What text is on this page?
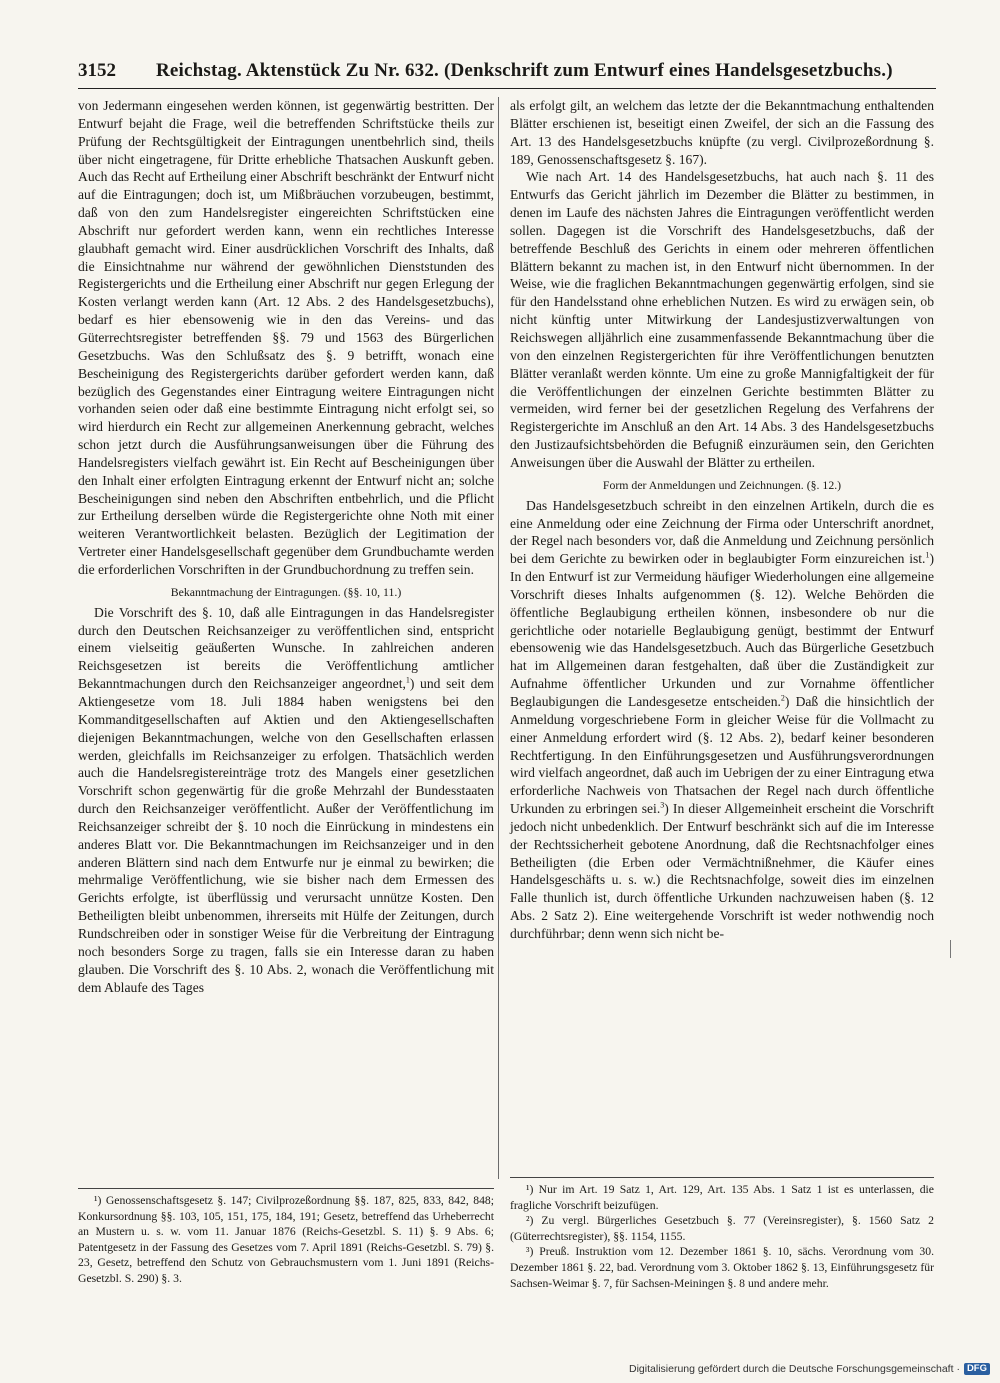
3152 Reichstag. Aktenstück Zu Nr. 632. (Denkschrift zum Entwurf eines Handelsgesetzbuchs.)

von Jedermann eingesehen werden können, ist gegenwärtig bestritten. Der Entwurf bejaht die Frage, weil die betreffenden Schriftstücke theils zur Prüfung der Rechtsgültigkeit der Eintragungen unentbehrlich sind, theils über nicht eingetragene, für Dritte erhebliche Thatsachen Auskunft geben. Auch das Recht auf Ertheilung einer Abschrift beschränkt der Entwurf nicht auf die Eintragungen; doch ist, um Mißbräuchen vorzubeugen, bestimmt, daß von den zum Handelsregister eingereichten Schriftstücken eine Abschrift nur gefordert werden kann, wenn ein rechtliches Interesse glaubhaft gemacht wird. Einer ausdrücklichen Vorschrift des Inhalts, daß die Einsichtnahme nur während der gewöhnlichen Dienststunden des Registergerichts und die Ertheilung einer Abschrift nur gegen Erlegung der Kosten verlangt werden kann (Art. 12 Abs. 2 des Handelsgesetzbuchs), bedarf es hier ebensowenig wie in den das Vereins- und das Güterrechtsregister betreffenden §§. 79 und 1563 des Bürgerlichen Gesetzbuchs. Was den Schlußsatz des §. 9 betrifft, wonach eine Bescheinigung des Registergerichts darüber gefordert werden kann, daß bezüglich des Gegenstandes einer Eintragung weitere Eintragungen nicht vorhanden seien oder daß eine bestimmte Eintragung nicht erfolgt sei, so wird hierdurch ein Recht zur allgemeinen Anerkennung gebracht, welches schon jetzt durch die Ausführungsanweisungen über die Führung des Handelsregisters vielfach gewährt ist. Ein Recht auf Bescheinigungen über den Inhalt einer erfolgten Eintragung erkennt der Entwurf nicht an; solche Bescheinigungen sind neben den Abschriften entbehrlich, und die Pflicht zur Ertheilung derselben würde die Registergerichte ohne Noth mit einer weiteren Verantwortlichkeit belasten. Bezüglich der Legitimation der Vertreter einer Handelsgesellschaft gegenüber dem Grundbuchamte werden die erforderlichen Vorschriften in der Grundbuchordnung zu treffen sein.

Bekanntmachung der Eintragungen. (§§. 10, 11.)

Die Vorschrift des §. 10, daß alle Eintragungen in das Handelsregister durch den Deutschen Reichsanzeiger zu veröffentlichen sind, entspricht einem vielseitig geäußerten Wunsche. In zahlreichen anderen Reichsgesetzen ist bereits die Veröffentlichung amtlicher Bekanntmachungen durch den Reichsanzeiger angeordnet,$^1$) und seit dem Aktiengesetze vom 18. Juli 1884 haben wenigstens bei den Kommanditgesellschaften auf Aktien und den Aktiengesellschaften diejenigen Bekanntmachungen, welche von den Gesellschaften erlassen werden, gleichfalls im Reichsanzeiger zu erfolgen. Thatsächlich werden auch die Handelsregistereinträge trotz des Mangels einer gesetzlichen Vorschrift schon gegenwärtig für die große Mehrzahl der Bundesstaaten durch den Reichsanzeiger veröffentlicht. Außer der Veröffentlichung im Reichsanzeiger schreibt der §. 10 noch die Einrückung in mindestens ein anderes Blatt vor. Die Bekanntmachungen im Reichsanzeiger und in den anderen Blättern sind nach dem Entwurfe nur je einmal zu bewirken; die mehrmalige Veröffentlichung, wie sie bisher nach dem Ermessen des Gerichts erfolgte, ist überflüssig und verursacht unnütze Kosten. Den Betheiligten bleibt unbenommen, ihrerseits mit Hülfe der Zeitungen, durch Rundschreiben oder in sonstiger Weise für die Verbreitung der Eintragung noch besonders Sorge zu tragen, falls sie ein Interesse daran zu haben glauben. Die Vorschrift des §. 10 Abs. 2, wonach die Veröffentlichung mit dem Ablaufe des Tages

als erfolgt gilt, an welchem das letzte der die Bekanntmachung enthaltenden Blätter erschienen ist, beseitigt einen Zweifel, der sich an die Fassung des Art. 13 des Handelsgesetzbuchs knüpfte (zu vergl. Civilprozeßordnung §. 189, Genossenschaftsgesetz §. 167).

Wie nach Art. 14 des Handelsgesetzbuchs, hat auch nach §. 11 des Entwurfs das Gericht jährlich im Dezember die Blätter zu bestimmen, in denen im Laufe des nächsten Jahres die Eintragungen veröffentlicht werden sollen. Dagegen ist die Vorschrift des Handelsgesetzbuchs, daß der betreffende Beschluß des Gerichts in einem oder mehreren öffentlichen Blättern bekannt zu machen ist, in den Entwurf nicht übernommen. In der Weise, wie die fraglichen Bekanntmachungen gegenwärtig erfolgen, sind sie für den Handelsstand ohne erheblichen Nutzen. Es wird zu erwägen sein, ob nicht künftig unter Mitwirkung der Landesjustizverwaltungen von Reichswegen alljährlich eine zusammenfassende Bekanntmachung über die von den einzelnen Registergerichten für ihre Veröffentlichungen benutzten Blätter veranlaßt werden könnte. Um eine zu große Mannigfaltigkeit der für die Veröffentlichungen der einzelnen Gerichte bestimmten Blätter zu vermeiden, wird ferner bei der gesetzlichen Regelung des Verfahrens der Registergerichte im Anschluß an den Art. 14 Abs. 3 des Handelsgesetzbuchs den Justizaufsichtsbehörden die Befugniß einzuräumen sein, den Gerichten Anweisungen über die Auswahl der Blätter zu ertheilen.

Form der Anmeldungen und Zeichnungen. (§. 12.)

Das Handelsgesetzbuch schreibt in den einzelnen Artikeln, durch die es eine Anmeldung oder eine Zeichnung der Firma oder Unterschrift anordnet, der Regel nach besonders vor, daß die Anmeldung und Zeichnung persönlich bei dem Gerichte zu bewirken oder in beglaubigter Form einzureichen ist.$^1$) In den Entwurf ist zur Vermeidung häufiger Wiederholungen eine allgemeine Vorschrift dieses Inhalts aufgenommen (§. 12). Welche Behörden die öffentliche Beglaubigung ertheilen können, insbesondere ob nur die gerichtliche oder notarielle Beglaubigung genügt, bestimmt der Entwurf ebensowenig wie das Handelsgesetzbuch. Auch das Bürgerliche Gesetzbuch hat im Allgemeinen daran festgehalten, daß über die Zuständigkeit zur Aufnahme öffentlicher Urkunden und zur Vornahme öffentlicher Beglaubigungen die Landesgesetze entscheiden.$^2$) Daß die hinsichtlich der Anmeldung vorgeschriebene Form in gleicher Weise für die Vollmacht zu einer Anmeldung erfordert wird (§. 12 Abs. 2), bedarf keiner besonderen Rechtfertigung. In den Einführungsgesetzen und Ausführungsverordnungen wird vielfach angeordnet, daß auch im Uebrigen der zu einer Eintragung etwa erforderliche Nachweis von Thatsachen der Regel nach durch öffentliche Urkunden zu erbringen sei.$^3$) In dieser Allgemeinheit erscheint die Vorschrift jedoch nicht unbedenklich. Der Entwurf beschränkt sich auf die im Interesse der Rechtssicherheit gebotene Anordnung, daß die Rechtsnachfolger eines Betheiligten (die Erben oder Vermächtnißnehmer, die Käufer eines Handelsgeschäfts u. s. w.) die Rechtsnachfolge, soweit dies im einzelnen Falle thunlich ist, durch öffentliche Urkunden nachzuweisen haben (§. 12 Abs. 2 Satz 2). Eine weitergehende Vorschrift ist weder nothwendig noch durchführbar; denn wenn sich nicht be-

¹) Genossenschaftsgesetz §. 147; Civilprozeßordnung §§. 187, 825, 833, 842, 848; Konkursordnung §§. 103, 105, 151, 175, 184, 191; Gesetz, betreffend das Urheberrecht an Mustern u. s. w. vom 11. Januar 1876 (Reichs-Gesetzbl. S. 11) §. 9 Abs. 6; Patentgesetz in der Fassung des Gesetzes vom 7. April 1891 (Reichs-Gesetzbl. S. 79) §. 23, Gesetz, betreffend den Schutz von Gebrauchsmustern vom 1. Juni 1891 (Reichs-Gesetzbl. S. 290) §. 3.

¹) Nur im Art. 19 Satz 1, Art. 129, Art. 135 Abs. 1 Satz 1 ist es unterlassen, die fragliche Vorschrift beizufügen.

²) Zu vergl. Bürgerliches Gesetzbuch §. 77 (Vereinsregister), §. 1560 Satz 2 (Güterrechtsregister), §§. 1154, 1155.

³) Preuß. Instruktion vom 12. Dezember 1861 §. 10, sächs. Verordnung vom 30. Dezember 1861 §. 22, bad. Verordnung vom 3. Oktober 1862 §. 13, Einführungsgesetz für Sachsen-Weimar §. 7, für Sachsen-Meiningen §. 8 und andere mehr.

Digitalisierung gefördert durch die Deutsche Forschungsgemeinschaft · DFG
